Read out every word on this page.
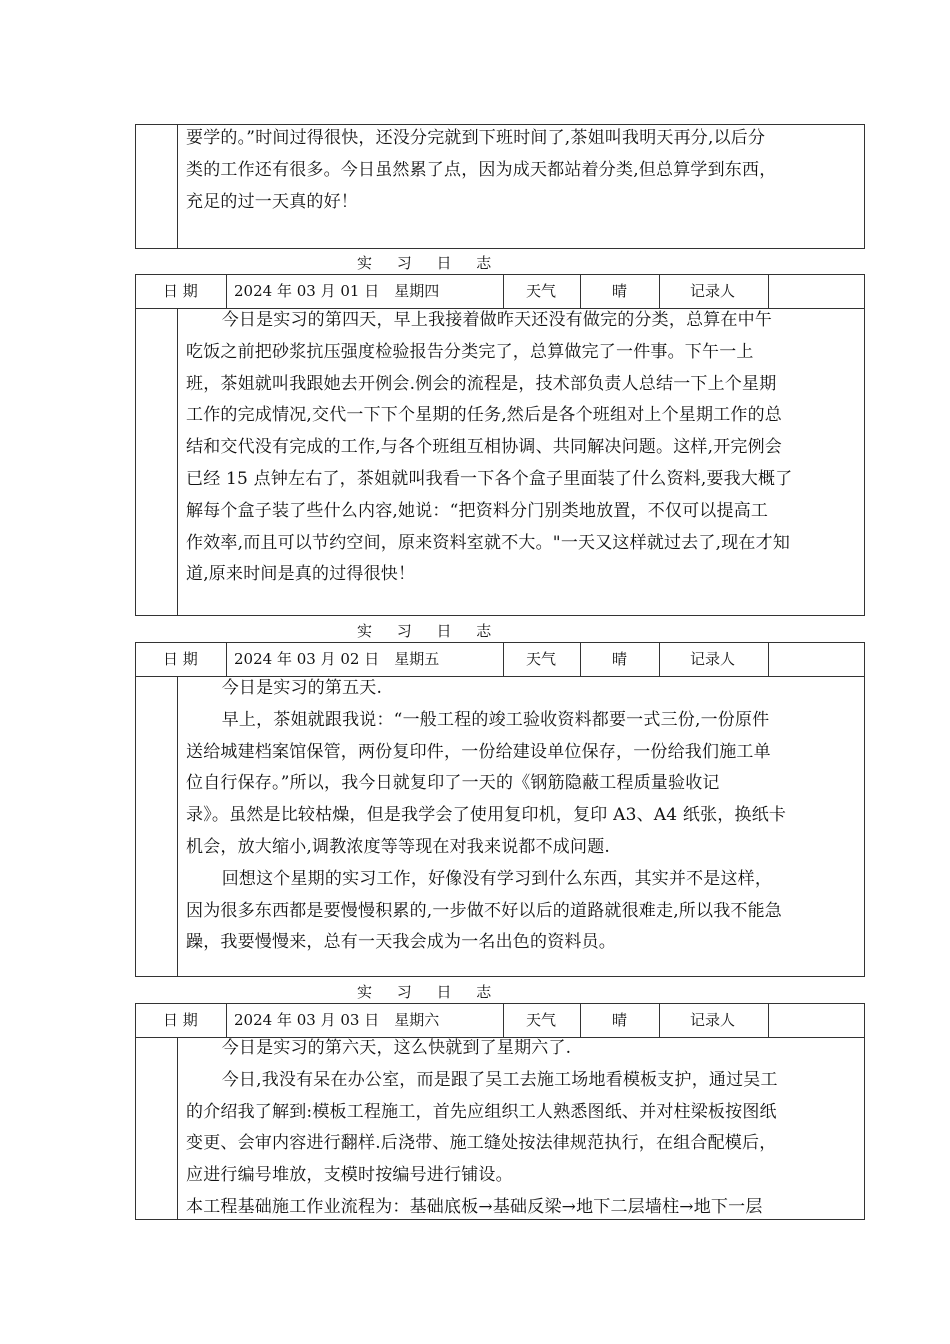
要学的。”时间过得很快，还没分完就到下班时间了,茶姐叫我明天再分,以后分

类的工作还有很多。今日虽然累了点，因为成天都站着分类,但总算学到东西，

充足的过一天真的好！

实 习 日 志
日 期 2024 年 03 月 01 日　星期四	天气	晴	记录人

今日是实习的第四天，早上我接着做昨天还没有做完的分类，总算在中午

吃饭之前把砂浆抗压强度检验报告分类完了，总算做完了一件事。下午一上

班，茶姐就叫我跟她去开例会.例会的流程是，技术部负责人总结一下上个星期

工作的完成情况,交代一下下个星期的任务,然后是各个班组对上个星期工作的总

结和交代没有完成的工作,与各个班组互相协调、共同解决问题。这样,开完例会

已经 15 点钟左右了，茶姐就叫我看一下各个盒子里面装了什么资料,要我大概了

解每个盒子装了些什么内容,她说：“把资料分门别类地放置，不仅可以提高工

作效率,而且可以节约空间，原来资料室就不大。"一天又这样就过去了,现在才知

道,原来时间是真的过得很快！

实 习 日 志
日 期 2024 年 03 月 02 日　星期五	天气	晴	记录人

今日是实习的第五天.

早上，茶姐就跟我说：“一般工程的竣工验收资料都要一式三份,一份原件

送给城建档案馆保管，两份复印件，一份给建设单位保存，一份给我们施工单

位自行保存。”所以，我今日就复印了一天的《钢筋隐蔽工程质量验收记

录》。虽然是比较枯燥，但是我学会了使用复印机，复印 A3、A4 纸张，换纸卡

机会，放大缩小,调教浓度等等现在对我来说都不成问题.

回想这个星期的实习工作，好像没有学习到什么东西，其实并不是这样，

因为很多东西都是要慢慢积累的,一步做不好以后的道路就很难走,所以我不能急

躁，我要慢慢来，总有一天我会成为一名出色的资料员。

实 习 日 志
日 期 2024 年 03 月 03 日　星期六	天气	晴	记录人

今日是实习的第六天，这么快就到了星期六了.

今日,我没有呆在办公室，而是跟了吴工去施工场地看模板支护，通过吴工

的介绍我了解到:模板工程施工，首先应组织工人熟悉图纸、并对柱梁板按图纸

变更、会审内容进行翻样.后浇带、施工缝处按法律规范执行，在组合配模后，

应进行编号堆放，支模时按编号进行铺设。

本工程基础施工作业流程为：基础底板→基础反梁→地下二层墙柱→地下一层
